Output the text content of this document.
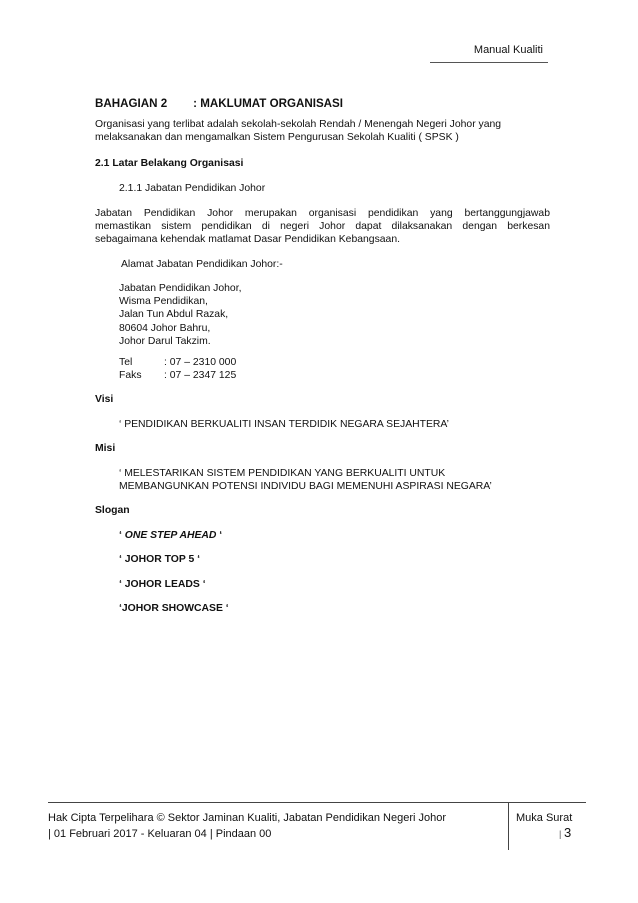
Manual Kualiti
BAHAGIAN 2 : MAKLUMAT ORGANISASI
Organisasi yang terlibat adalah sekolah-sekolah Rendah / Menengah Negeri Johor yang melaksanakan dan mengamalkan Sistem Pengurusan Sekolah Kualiti ( SPSK )
2.1 Latar Belakang Organisasi
2.1.1 Jabatan Pendidikan Johor
Jabatan Pendidikan Johor merupakan organisasi pendidikan yang bertanggungjawab
memastikan sistem pendidikan di negeri Johor dapat dilaksanakan dengan berkesan
sebagaimana kehendak matlamat Dasar Pendidikan Kebangsaan.
Alamat Jabatan Pendidikan Johor:-
Jabatan Pendidikan Johor,
Wisma Pendidikan,
Jalan Tun Abdul Razak,
80604 Johor Bahru,
Johor Darul Takzim.
Tel	: 07 – 2310 000
Faks : 07 – 2347 125
Visi
‘ PENDIDIKAN BERKUALITI INSAN TERDIDIK NEGARA SEJAHTERA’
Misi
‘ MELESTARIKAN SISTEM PENDIDIKAN YANG BERKUALITI UNTUK
MEMBANGUNKAN POTENSI INDIVIDU BAGI MEMENUHI ASPIRASI NEGARA’
Slogan
‘ ONE STEP AHEAD ‘
‘ JOHOR TOP 5 ‘
‘ JOHOR LEADS ‘
‘JOHOR SHOWCASE ‘
Hak Cipta Terpelihara © Sektor Jaminan Kualiti, Jabatan Pendidikan Negeri Johor
| 01 Februari 2017 - Keluaran 04 | Pindaan 00
Muka Surat
| 3
